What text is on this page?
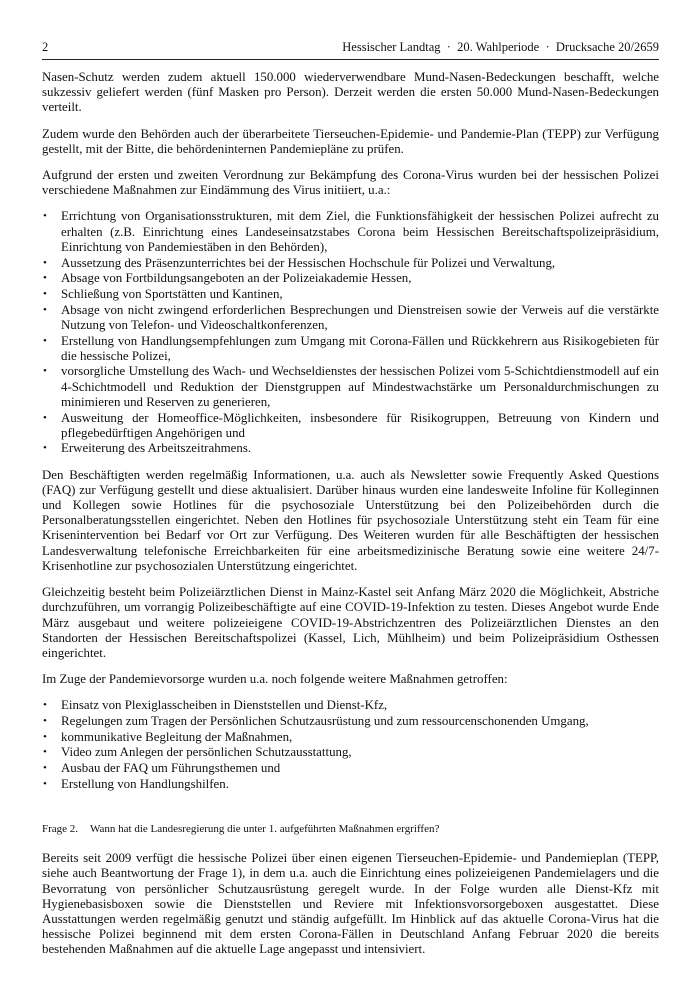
2	Hessischer Landtag  ·  20. Wahlperiode  ·  Drucksache 20/2659

Nasen-Schutz werden zudem aktuell 150.000 wiederverwendbare Mund-Nasen-Bedeckungen beschafft, welche sukzessiv geliefert werden (fünf Masken pro Person). Derzeit werden die ersten 50.000 Mund-Nasen-Bedeckungen verteilt.

Zudem wurde den Behörden auch der überarbeitete Tierseuchen-Epidemie- und Pandemie-Plan (TEPP) zur Verfügung gestellt, mit der Bitte, die behördeninternen Pandemiepläne zu prüfen.

Aufgrund der ersten und zweiten Verordnung zur Bekämpfung des Corona-Virus wurden bei der hessischen Polizei verschiedene Maßnahmen zur Eindämmung des Virus initiiert, u.a.:

• Errichtung von Organisationsstrukturen, mit dem Ziel, die Funktionsfähigkeit der hessischen Polizei aufrecht zu erhalten (z.B. Einrichtung eines Landeseinsatzstabes Corona beim Hessischen Bereitschaftspolizeipräsidium, Einrichtung von Pandemiestäben in den Behörden),
• Aussetzung des Präsenzunterrichtes bei der Hessischen Hochschule für Polizei und Verwaltung,
• Absage von Fortbildungsangeboten an der Polizeiakademie Hessen,
• Schließung von Sportstätten und Kantinen,
• Absage von nicht zwingend erforderlichen Besprechungen und Dienstreisen sowie der Verweis auf die verstärkte Nutzung von Telefon- und Videoschaltkonferenzen,
• Erstellung von Handlungsempfehlungen zum Umgang mit Corona-Fällen und Rückkehrern aus Risikogebieten für die hessische Polizei,
• vorsorgliche Umstellung des Wach- und Wechseldienstes der hessischen Polizei vom 5-Schichtdienstmodell auf ein 4-Schichtmodell und Reduktion der Dienstgruppen auf Mindestwachstärke um Personaldurchmischungen zu minimieren und Reserven zu generieren,
• Ausweitung der Homeoffice-Möglichkeiten, insbesondere für Risikogruppen, Betreuung von Kindern und pflegebedürftigen Angehörigen und
• Erweiterung des Arbeitszeitrahmens.

Den Beschäftigten werden regelmäßig Informationen, u.a. auch als Newsletter sowie Frequently Asked Questions (FAQ) zur Verfügung gestellt und diese aktualisiert. Darüber hinaus wurden eine landesweite Infoline für Kolleginnen und Kollegen sowie Hotlines für die psychosoziale Unterstützung bei den Polizeibehörden durch die Personalberatungsstellen eingerichtet. Neben den Hotlines für psychosoziale Unterstützung steht ein Team für eine Krisenintervention bei Bedarf vor Ort zur Verfügung. Des Weiteren wurden für alle Beschäftigten der hessischen Landesverwaltung telefonische Erreichbarkeiten für eine arbeitsmedizinische Beratung sowie eine weitere 24/7-Krisenhotline zur psychosozialen Unterstützung eingerichtet.

Gleichzeitig besteht beim Polizeiärztlichen Dienst in Mainz-Kastel seit Anfang März 2020 die Möglichkeit, Abstriche durchzuführen, um vorrangig Polizeibeschäftigte auf eine COVID-19-Infektion zu testen. Dieses Angebot wurde Ende März ausgebaut und weitere polizeieigene COVID-19-Abstrichzentren des Polizeiärztlichen Dienstes an den Standorten der Hessischen Bereitschaftspolizei (Kassel, Lich, Mühlheim) und beim Polizeipräsidium Osthessen eingerichtet.

Im Zuge der Pandemievorsorge wurden u.a. noch folgende weitere Maßnahmen getroffen:

• Einsatz von Plexiglasscheiben in Dienststellen und Dienst-Kfz,
• Regelungen zum Tragen der Persönlichen Schutzausrüstung und zum ressourcenschonenden Umgang,
• kommunikative Begleitung der Maßnahmen,
• Video zum Anlegen der persönlichen Schutzausstattung,
• Ausbau der FAQ um Führungsthemen und
• Erstellung von Handlungshilfen.
Frage 2. Wann hat die Landesregierung die unter 1. aufgeführten Maßnahmen ergriffen?

Bereits seit 2009 verfügt die hessische Polizei über einen eigenen Tierseuchen-Epidemie- und Pandemieplan (TEPP, siehe auch Beantwortung der Frage 1), in dem u.a. auch die Einrichtung eines polizeieigenen Pandemielagers und die Bevorratung von persönlicher Schutzausrüstung geregelt wurde. In der Folge wurden alle Dienst-Kfz mit Hygienebasisboxen sowie die Dienststellen und Reviere mit Infektionsvorsorgeboxen ausgestattet. Diese Ausstattungen werden regelmäßig genutzt und ständig aufgefüllt. Im Hinblick auf das aktuelle Corona-Virus hat die hessische Polizei beginnend mit dem ersten Corona-Fällen in Deutschland Anfang Februar 2020 die bereits bestehenden Maßnahmen auf die aktuelle Lage angepasst und intensiviert.
